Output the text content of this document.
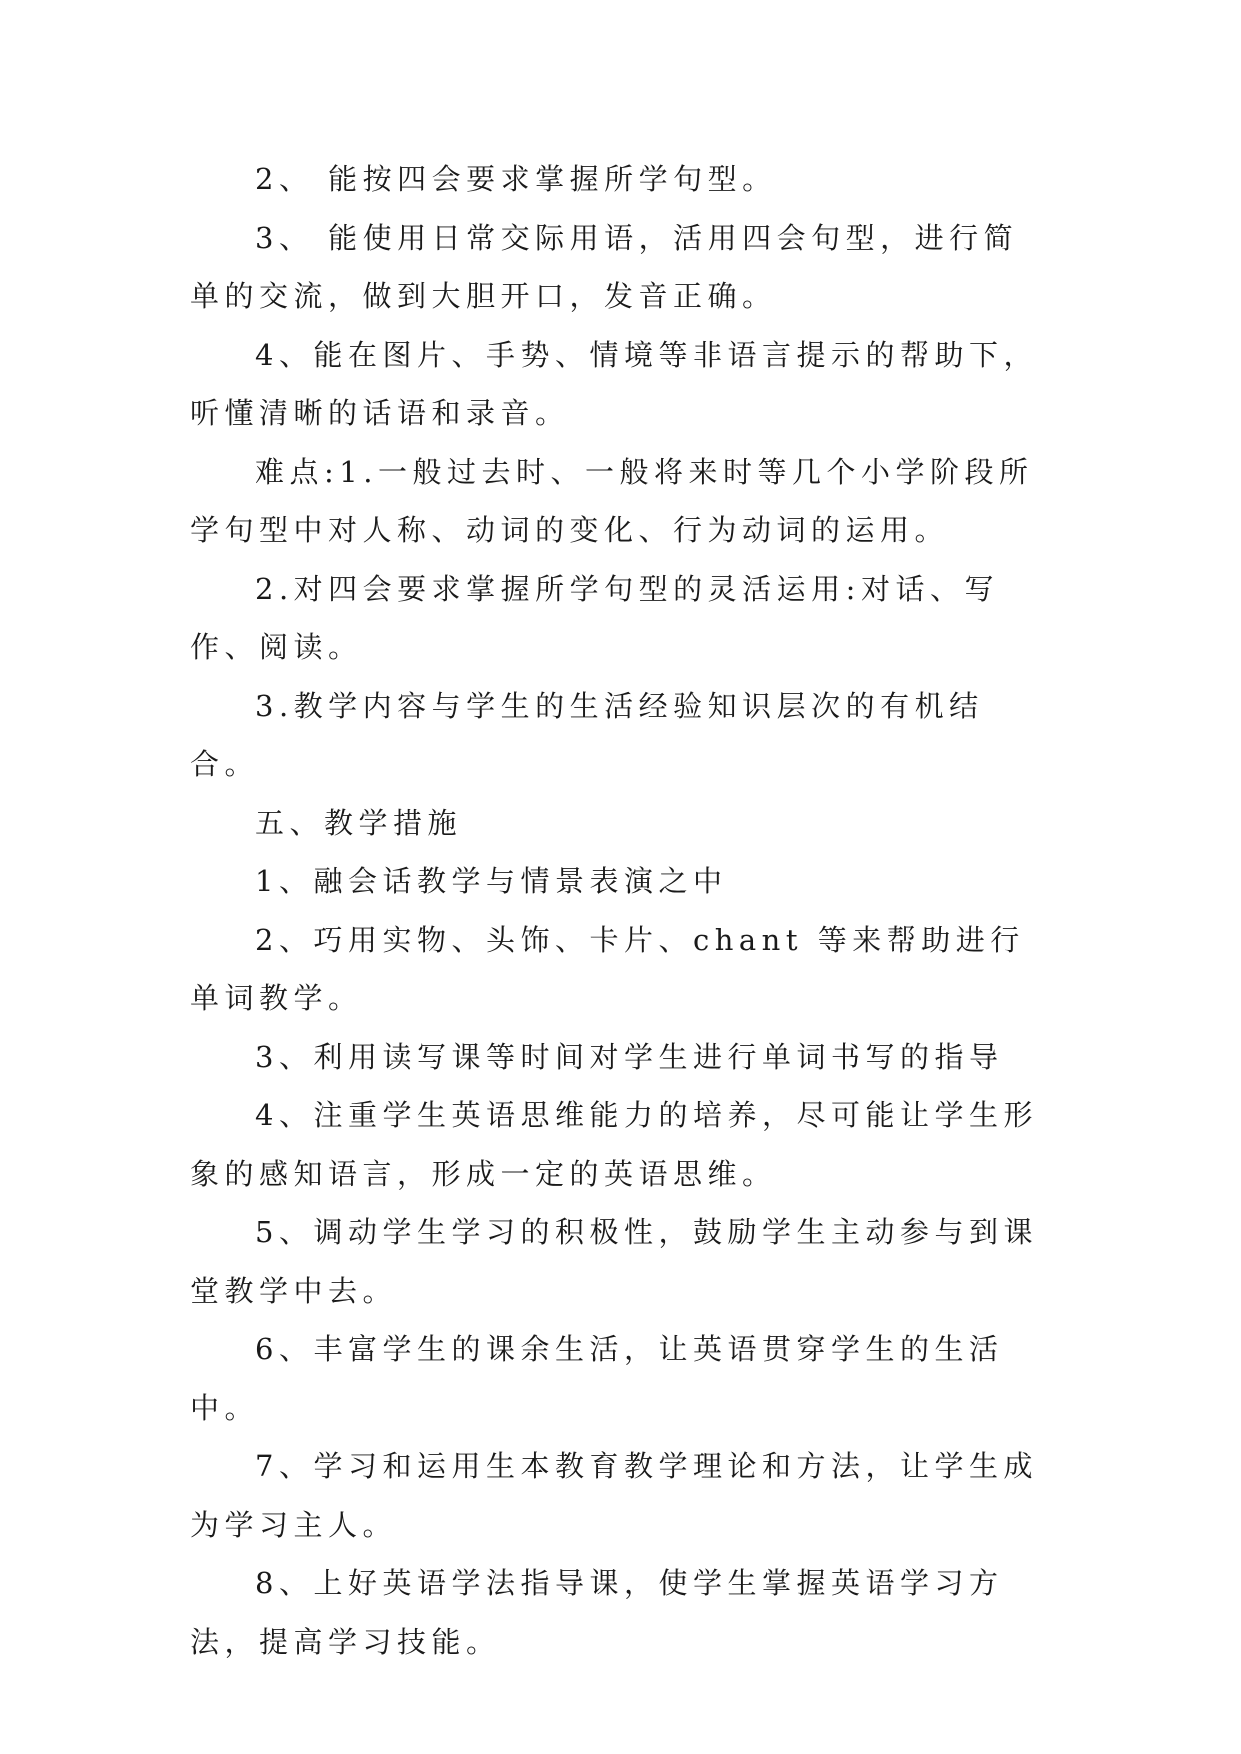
2、 能按四会要求掌握所学句型。

3、 能使用日常交际用语，活用四会句型，进行简单的交流，做到大胆开口，发音正确。

4、能在图片、手势、情境等非语言提示的帮助下，听懂清晰的话语和录音。

难点:1.一般过去时、一般将来时等几个小学阶段所学句型中对人称、动词的变化、行为动词的运用。

2.对四会要求掌握所学句型的灵活运用:对话、写作、阅读。

3.教学内容与学生的生活经验知识层次的有机结合。

五、教学措施

1、融会话教学与情景表演之中

2、巧用实物、头饰、卡片、chant 等来帮助进行单词教学。

3、利用读写课等时间对学生进行单词书写的指导

4、注重学生英语思维能力的培养，尽可能让学生形象的感知语言，形成一定的英语思维。

5、调动学生学习的积极性，鼓励学生主动参与到课堂教学中去。

6、丰富学生的课余生活，让英语贯穿学生的生活中。

7、学习和运用生本教育教学理论和方法，让学生成为学习主人。

8、上好英语学法指导课，使学生掌握英语学习方法，提高学习技能。
